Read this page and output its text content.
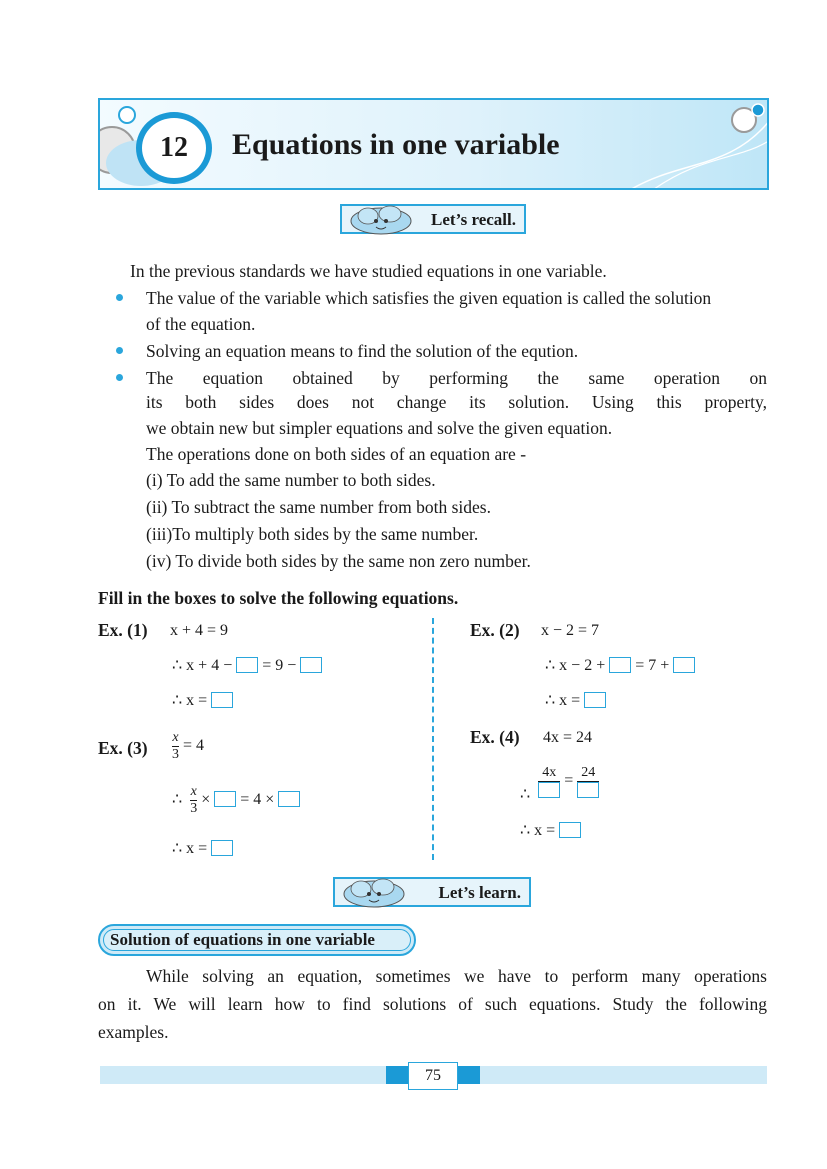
12	Equations in one variable
Let’s recall.
In the previous standards we have studied equations in one variable.
The value of the variable which satisfies the given equation is called the solution
of the equation.
Solving an equation means to find the solution of the eqution.
The equation obtained by performing the same operation on
its both sides does not change its solution. Using this property,
we obtain new but simpler equations and solve the given equation.
The operations done on both sides of an equation are -
(i) To add the same number to both sides.
(ii) To subtract the same number from both sides.
(iii)To multiply both sides by the same number.
(iv) To divide both sides by the same non zero number.
Fill in the boxes to solve the following equations.
Ex. (1) x + 4 = 9
∴ x + 4 − = 9 −
∴ x =
Ex. (2) x − 2 = 7
∴ x − 2 + = 7 +
∴ x =
Ex. $(3) \frac{x}{3} = 4$
∴ $\frac{x}{3}$ × = 4 ×
∴ x =
Ex. (4) 4x = 24
∴
4x = 24
∴ x =
Let’s learn.
Solution of equations in one variable
While solving an equation, sometimes we have to perform many operations
on it. We will learn how to find solutions of such equations. Study the following
examples.
75
